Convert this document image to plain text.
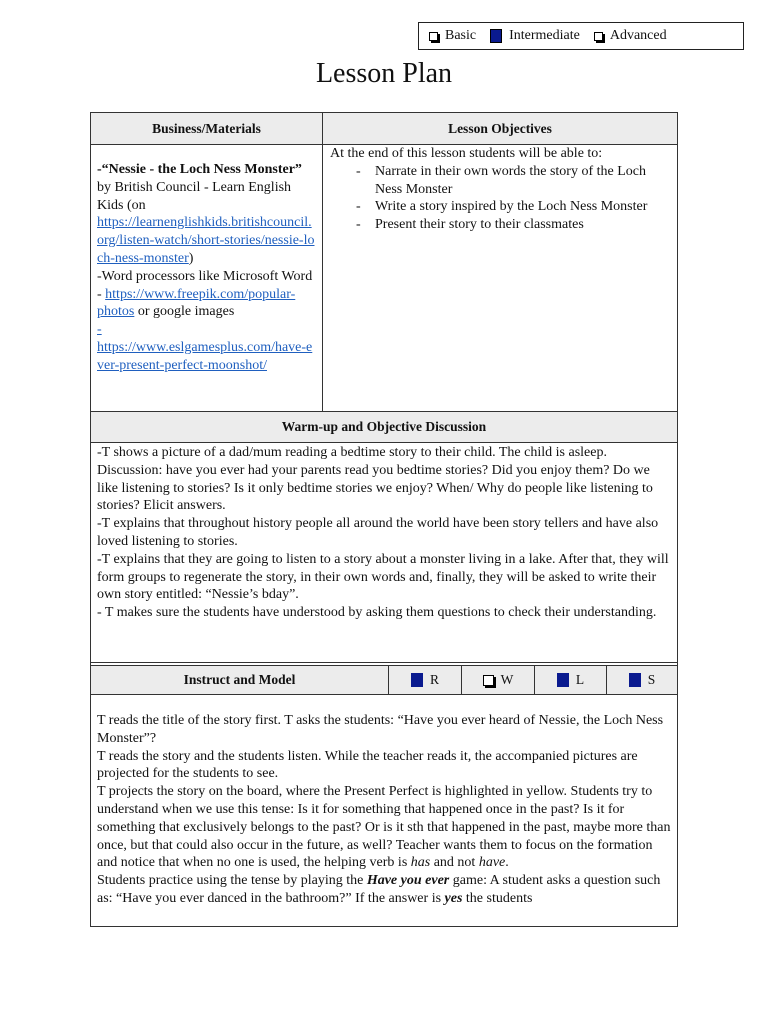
Basic Intermediate Advanced
Lesson Plan
Business/Materials	Lesson Objectives

-“Nessie - the Loch Ness Monster”

by British Council - Learn English Kids (on
https://learnenglishkids.britishcouncil.org/listen-watch/short-stories/nessie-loch-ness-monster)

-Word processors like Microsoft Word

- https://www.freepik.com/popular-photos or google images

-
https://www.eslgamesplus.com/have-ever-present-perfect-moonshot/

At the end of this lesson students will be able to:

- Narrate in their own words the story of the Loch Ness Monster
- Write a story inspired by the Loch Ness Monster
- Present their story to their classmates
Warm-up and Objective Discussion

-T shows a picture of a dad/mum reading a bedtime story to their child. The child is asleep. Discussion: have you ever had your parents read you bedtime stories? Did you enjoy them? Do we like listening to stories? Is it only bedtime stories we enjoy? When/ Why do people like listening to stories? Elicit answers.

-T explains that throughout history people all around the world have been story tellers and have also loved listening to stories.

-T explains that they are going to listen to a story about a monster living in a lake. After that, they will form groups to regenerate the story, in their own words and, finally, they will be asked to write their own story entitled: “Nessie’s bday”.

- T makes sure the students have understood by asking them questions to check their understanding.

Instruct and Model	R	W	L	S

T reads the title of the story first. T asks the students: “Have you ever heard of Nessie, the Loch Ness Monster”?

T reads the story and the students listen. While the teacher reads it, the accompanied pictures are projected for the students to see.

T projects the story on the board, where the Present Perfect is highlighted in yellow. Students try to understand when we use this tense: Is it for something that happened once in the past? Is it for something that exclusively belongs to the past? Or is it sth that happened in the past, maybe more than once, but that could also occur in the future, as well? Teacher wants them to focus on the formation and notice that when no one is used, the helping verb is has and not have.

Students practice using the tense by playing the Have you ever game: A student asks a question such as: “Have you ever danced in the bathroom?” If the answer is yes the students
